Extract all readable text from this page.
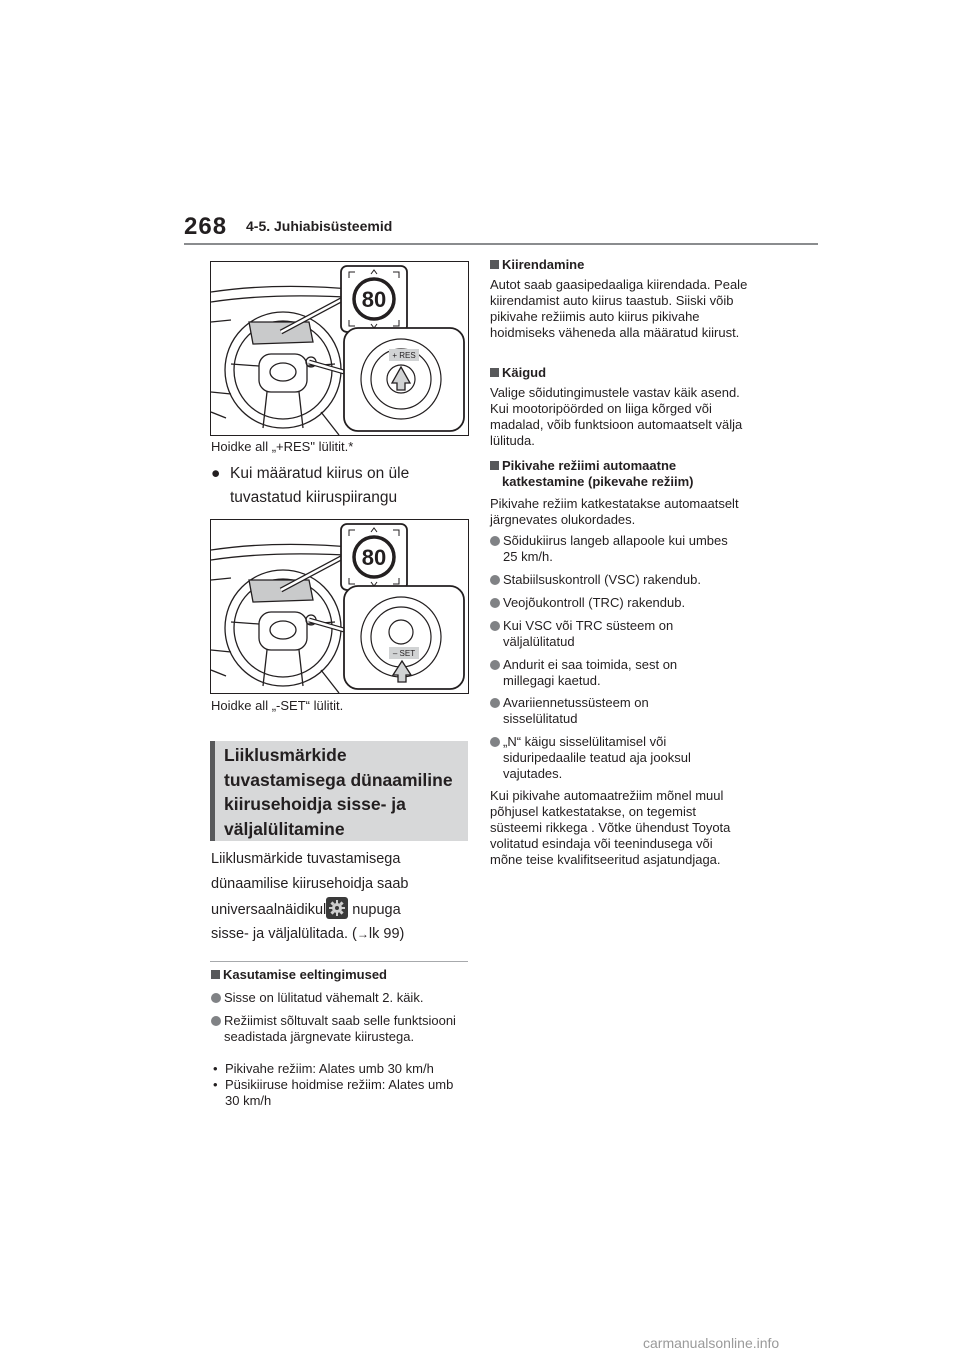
268 4-5. Juhiabisüsteemid
80
+ RES
Hoidke all „+RES" lülitit.*
● Kui määratud kiirus on üle tuvastatud kiiruspiirangu
80
– SET
Hoidke all „-SET“ lülitit.
Liiklusmärkide tuvastamisega dünaamiline kiirusehoidja sisse- ja väljalülitamine
Liiklusmärkide tuvastamisega
dünaamilise kiirusehoidja saab
universaalnäidikul nupuga
sisse- ja väljalülitada. (→lk 99)
Kasutamise eeltingimused
Sisse on lülitatud vähemalt 2. käik.
Režiimist sõltuvalt saab selle funktsiooni seadistada järgnevate kiirustega.
• Pikivahe režiim: Alates umb 30 km/h
• Püsikiiruse hoidmise režiim: Alates umb 30 km/h
Kiirendamine
Autot saab gaasipedaaliga kiirendada. Peale kiirendamist auto kiirus taastub. Siiski võib pikivahe režiimis auto kiirus pikivahe hoidmiseks väheneda alla määratud kiirust.
Käigud
Valige sõidutingimustele vastav käik asend. Kui mootoripöörded on liiga kõrged või madalad, võib funktsioon automaatselt välja lülituda.
Pikivahe režiimi automaatne katkestamine (pikevahe režiim)
Pikivahe režiim katkestatakse automaatselt järgnevates olukordades.
Sõidukiirus langeb allapoole kui umbes 25 km/h.
Stabiilsuskontroll (VSC) rakendub.
Veojõukontroll (TRC) rakendub.
Kui VSC või TRC süsteem on väljalülitatud
Andurit ei saa toimida, sest on millegagi kaetud.
Avariiennetussüsteem on sisselülitatud
„N“ käigu sisselülitamisel või siduripedaalile teatud aja jooksul vajutades.
Kui pikivahe automaatrežiim mõnel muul põhjusel katkestatakse, on tegemist süsteemi rikkega . Võtke ühendust Toyota volitatud esindaja või teenindusega või mõne teise kvalifitseeritud asjatundjaga.
carmanualsonline.info
